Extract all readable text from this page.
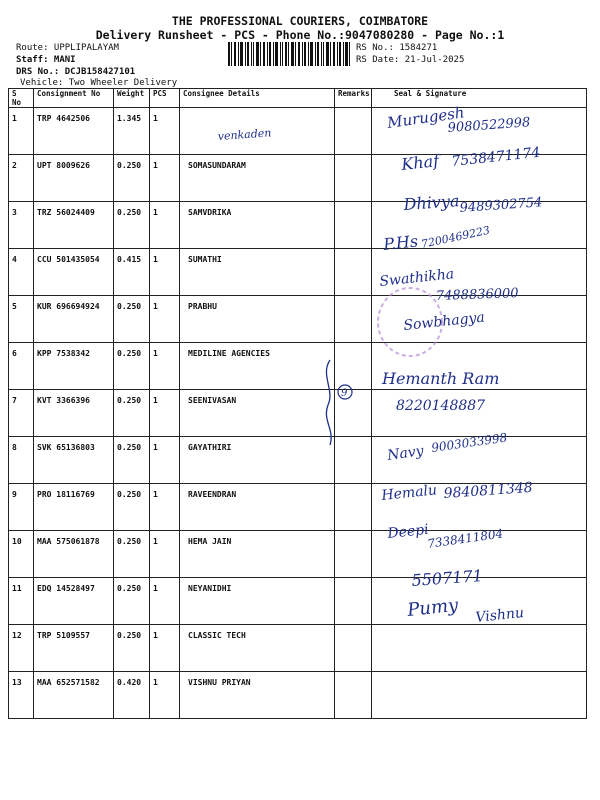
THE PROFESSIONAL COURIERS, COIMBATORE
Delivery Runsheet - PCS - Phone No.:9047080280 - Page No.:1
Route: UPPLIPALAYAM
Staff: MANI
DRS No.: DCJB158427101
Vehicle: Two Wheeler Delivery
RS No.: 1584271
RS Date: 21-Jul-2025
S No	Consignment No	Weight	PCS	Consignee Details	Remarks	Seal & Signature
1	TRP 4642506	1.345	1			
2	UPT 8009626	0.250	1	SOMASUNDARAM		
3	TRZ 56024409	0.250	1	SAMVDRIKA		
4	CCU 501435054	0.415	1	SUMATHI		
5	KUR 696694924	0.250	1	PRABHU		
6	KPP 7538342	0.250	1	MEDILINE AGENCIES		
7	KVT 3366396	0.250	1	SEENIVASAN		
8	SVK 65136803	0.250	1	GAYATHIRI		
9	PRO 18116769	0.250	1	RAVEENDRAN		
10	MAA 575061878	0.250	1	HEMA JAIN		
11	EDQ 14528497	0.250	1	NEYANIDHI		
12	TRP 5109557	0.250	1	CLASSIC TECH		
13	MAA 652571582	0.420	1	VISHNU PRIYAN		
venkaden
Murugesh
9080522998
Khaf 7538471174
Dhivya 9489302754
P.Hs 7200469223
Swathikha
7488836000
Sowbhagya
9
Hemanth Ram
8220148887
Navy 9003033998
Hemalu 9840811348
Deepi
7338411804
5507171
Pumy Vishnu
